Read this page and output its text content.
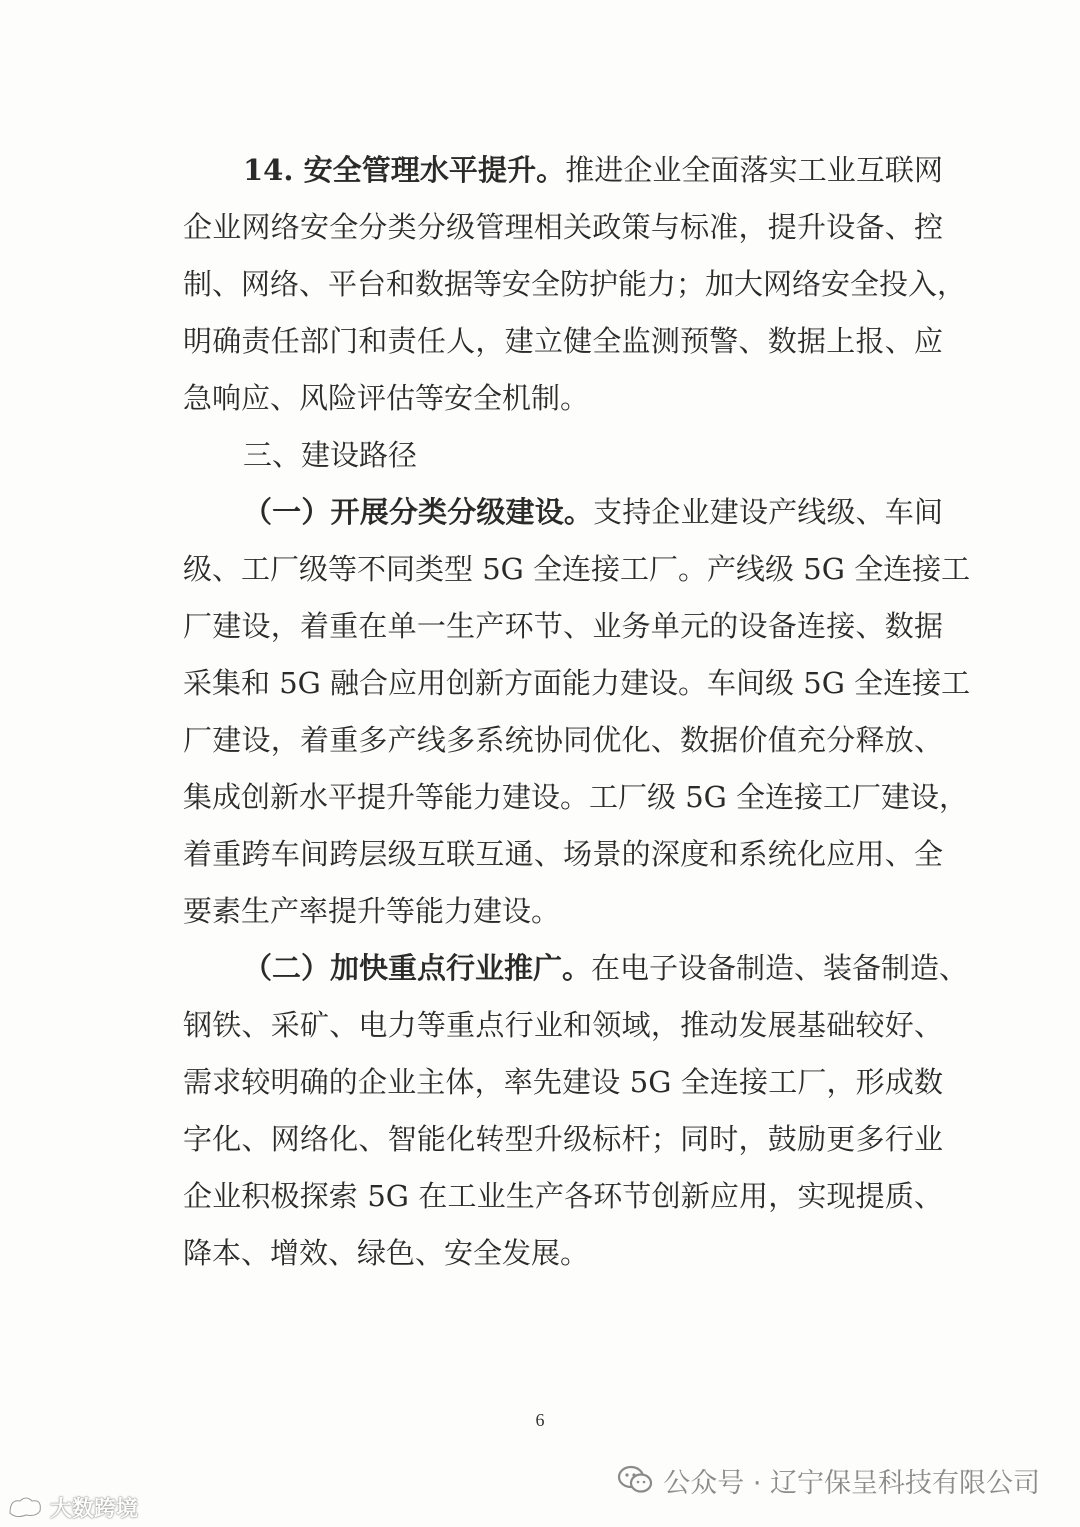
14. 安全管理水平提升。推进企业全面落实工业互联网
企业网络安全分类分级管理相关政策与标准，提升设备、控
制、网络、平台和数据等安全防护能力；加大网络安全投入，
明确责任部门和责任人，建立健全监测预警、数据上报、应
急响应、风险评估等安全机制。
三、建设路径
（一）开展分类分级建设。支持企业建设产线级、车间
级、工厂级等不同类型 5G 全连接工厂。产线级 5G 全连接工
厂建设，着重在单一生产环节、业务单元的设备连接、数据
采集和 5G 融合应用创新方面能力建设。车间级 5G 全连接工
厂建设，着重多产线多系统协同优化、数据价值充分释放、
集成创新水平提升等能力建设。工厂级 5G 全连接工厂建设，
着重跨车间跨层级互联互通、场景的深度和系统化应用、全
要素生产率提升等能力建设。
（二）加快重点行业推广。在电子设备制造、装备制造、
钢铁、采矿、电力等重点行业和领域，推动发展基础较好、
需求较明确的企业主体，率先建设 5G 全连接工厂，形成数
字化、网络化、智能化转型升级标杆；同时，鼓励更多行业
企业积极探索 5G 在工业生产各环节创新应用，实现提质、
降本、增效、绿色、安全发展。
6
公众号 · 辽宁保呈科技有限公司
大数跨境
